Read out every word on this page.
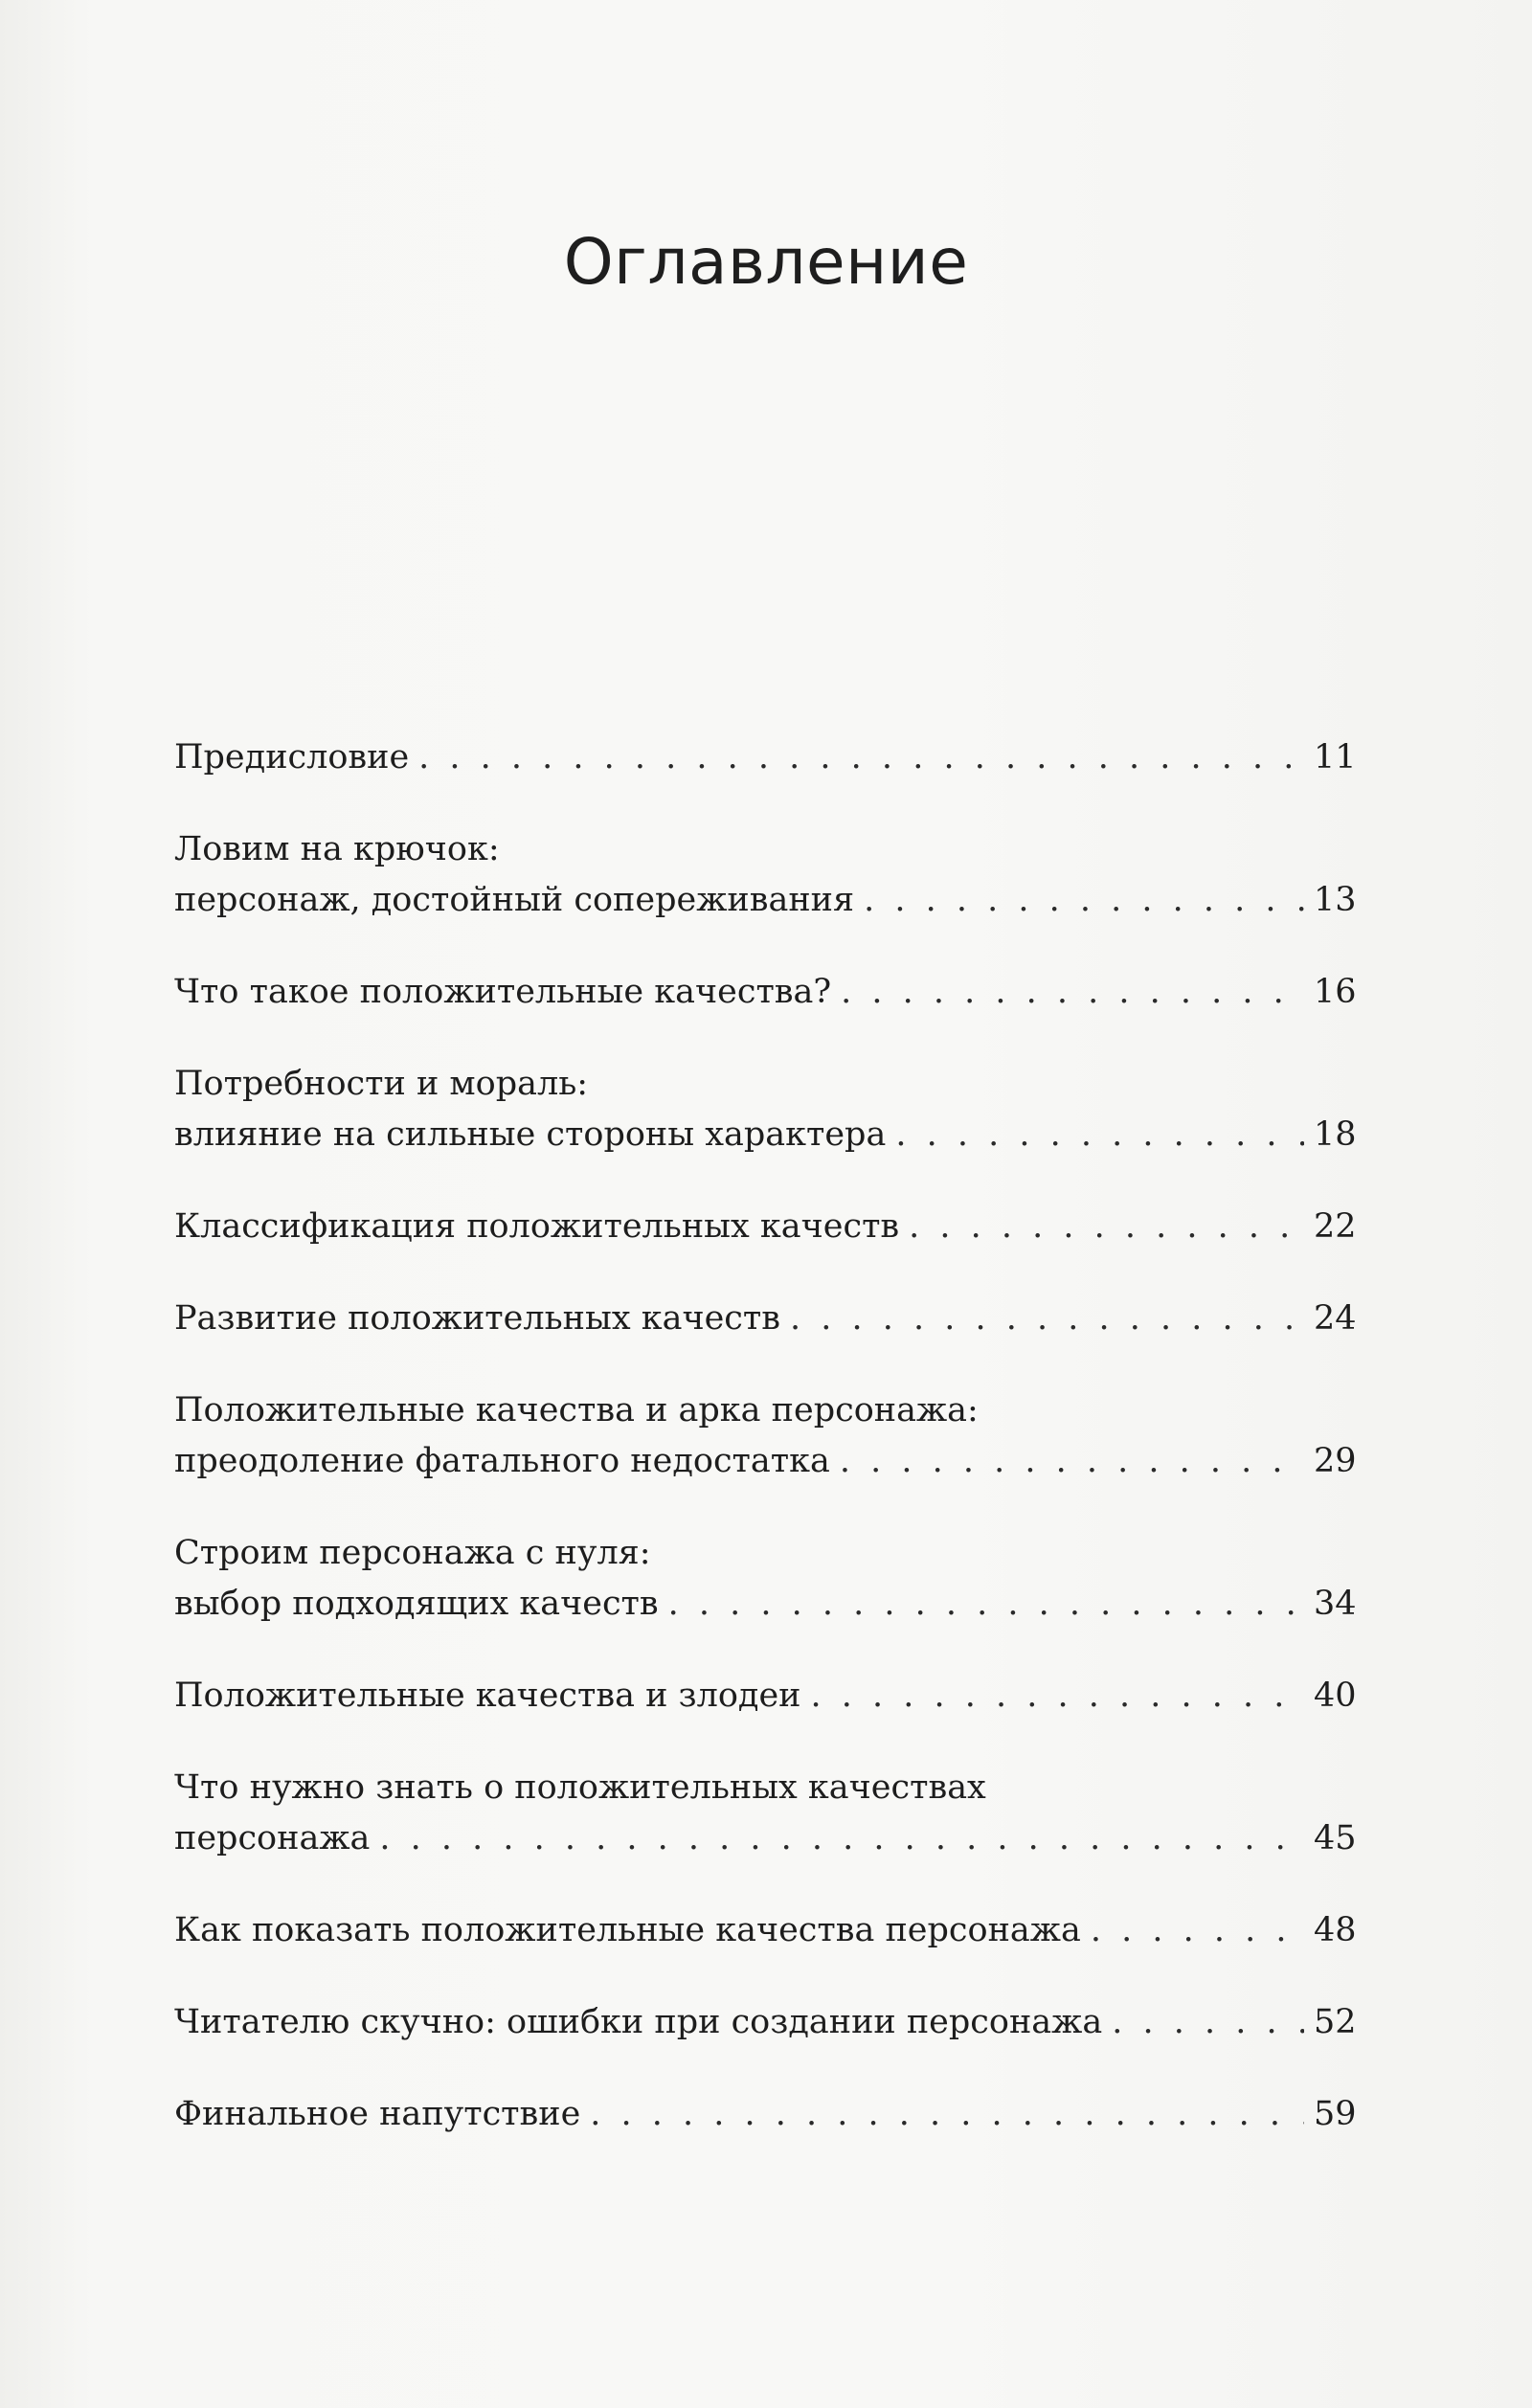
Оглавление
Предисловие . . .	11
Ловим на крючок:
персонаж, достойный сопереживания . . .	13
Что такое положительные качества? . . .	16
Потребности и мораль:
влияние на сильные стороны характера . . .	18
Классификация положительных качеств . . .	22
Развитие положительных качеств . . .	24
Положительные качества и арка персонажа:
преодоление фатального недостатка . . .	29
Строим персонажа с нуля:
выбор подходящих качеств . . .	34
Положительные качества и злодеи . . .	40
Что нужно знать о положительных качествах
персонажа . . .	45
Как показать положительные качества персонажа . . .	48
Читателю скучно: ошибки при создании персонажа . . .	52
Финальное напутствие . . .	59
